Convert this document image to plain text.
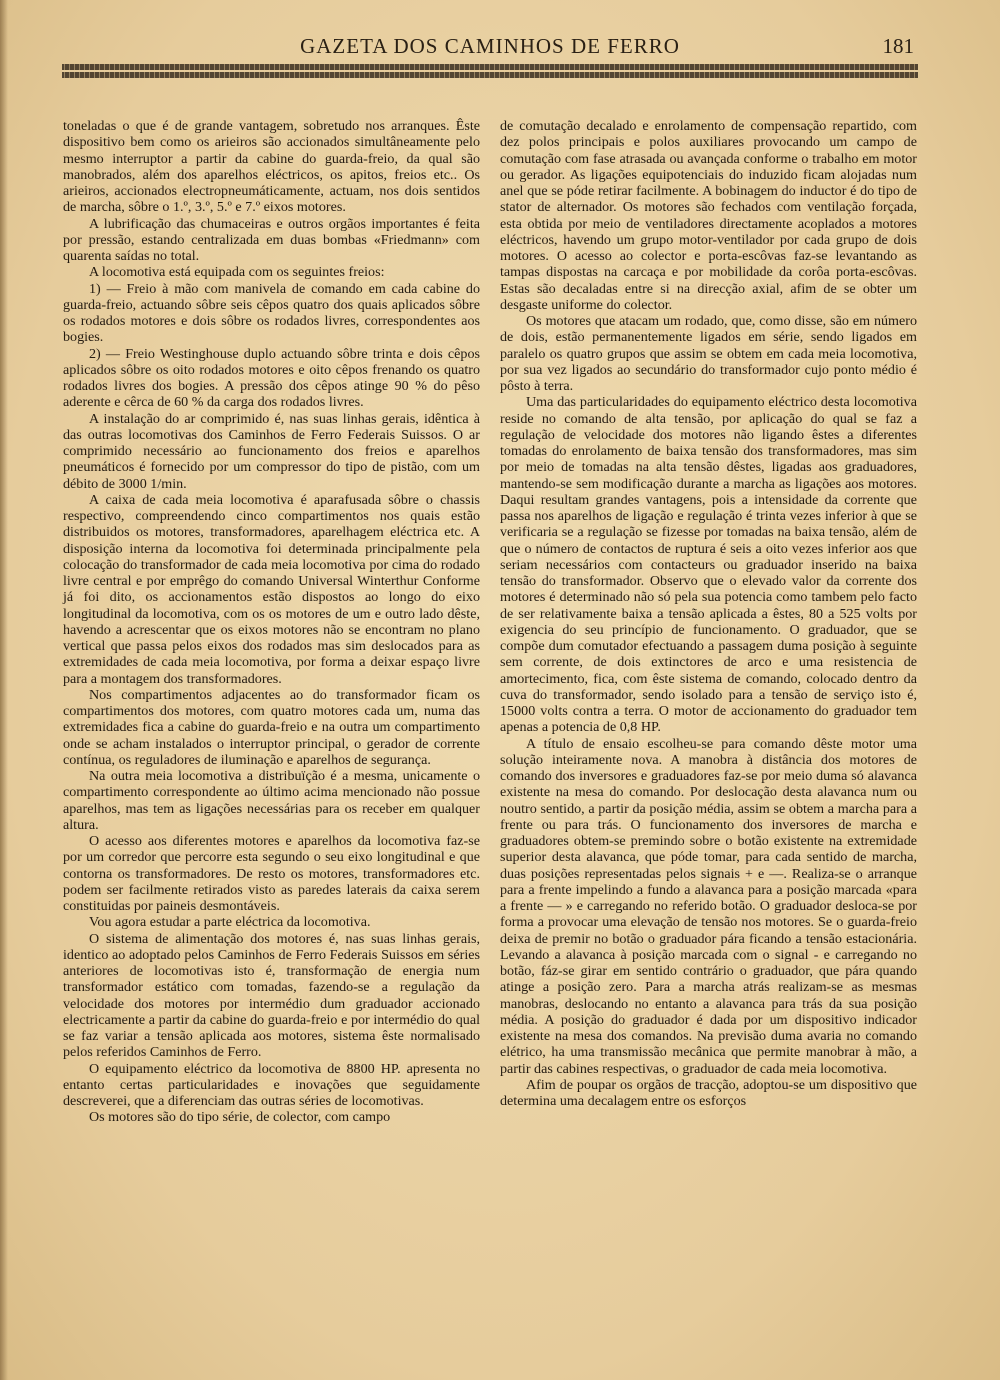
GAZETA DOS CAMINHOS DE FERRO	181

toneladas o que é de grande vantagem, sobretudo nos arranques. Êste dispositivo bem como os arieiros são accionados simultâneamente pelo mesmo interruptor a partir da cabine do guarda-freio, da qual são manobrados, além dos aparelhos eléctricos, os apitos, freios etc.. Os arieiros, accionados electropneumáticamente, actuam, nos dois sentidos de marcha, sôbre o 1.º, 3.º, 5.º e 7.º eixos motores.

A lubrificação das chumaceiras e outros orgãos importantes é feita por pressão, estando centralizada em duas bombas «Friedmann» com quarenta saídas no total.

A locomotiva está equipada com os seguintes freios:

1) — Freio à mão com manivela de comando em cada cabine do guarda-freio, actuando sôbre seis cêpos quatro dos quais aplicados sôbre os rodados motores e dois sôbre os rodados livres, correspondentes aos bogies.

2) — Freio Westinghouse duplo actuando sôbre trinta e dois cêpos aplicados sôbre os oito rodados motores e oito cêpos frenando os quatro rodados livres dos bogies. A pressão dos cêpos atinge 90 % do pêso aderente e cêrca de 60 % da carga dos rodados livres.

A instalação do ar comprimido é, nas suas linhas gerais, idêntica à das outras locomotivas dos Caminhos de Ferro Federais Suissos. O ar comprimido necessário ao funcionamento dos freios e aparelhos pneumáticos é fornecido por um compressor do tipo de pistão, com um débito de 3000 1/min.

A caixa de cada meia locomotiva é aparafusada sôbre o chassis respectivo, compreendendo cinco compartimentos nos quais estão distribuidos os motores, transformadores, aparelhagem eléctrica etc. A disposição interna da locomotiva foi determinada principalmente pela colocação do transformador de cada meia locomotiva por cima do rodado livre central e por emprêgo do comando Universal Winterthur Conforme já foi dito, os accionamentos estão dispostos ao longo do eixo longitudinal da locomotiva, com os os motores de um e outro lado dêste, havendo a acrescentar que os eixos motores não se encontram no plano vertical que passa pelos eixos dos rodados mas sim deslocados para as extremidades de cada meia locomotiva, por forma a deixar espaço livre para a montagem dos transformadores.

Nos compartimentos adjacentes ao do transformador ficam os compartimentos dos motores, com quatro motores cada um, numa das extremidades fica a cabine do guarda-freio e na outra um compartimento onde se acham instalados o interruptor principal, o gerador de corrente contínua, os reguladores de iluminação e aparelhos de segurança.

Na outra meia locomotiva a distribuïção é a mesma, unicamente o compartimento correspondente ao último acima mencionado não possue aparelhos, mas tem as ligações necessárias para os receber em qualquer altura.

O acesso aos diferentes motores e aparelhos da locomotiva faz-se por um corredor que percorre esta segundo o seu eixo longitudinal e que contorna os transformadores. De resto os motores, transformadores etc. podem ser facilmente retirados visto as paredes laterais da caixa serem constituidas por paineis desmontáveis.

Vou agora estudar a parte eléctrica da locomotiva.

O sistema de alimentação dos motores é, nas suas linhas gerais, identico ao adoptado pelos Caminhos de Ferro Federais Suissos em séries anteriores de locomotivas isto é, transformação de energia num transformador estático com tomadas, fazendo-se a regulação da velocidade dos motores por intermédio dum graduador accionado electricamente a partir da cabine do guarda-freio e por intermédio do qual se faz variar a tensão aplicada aos motores, sistema êste normalisado pelos referidos Caminhos de Ferro.

O equipamento eléctrico da locomotiva de 8800 HP. apresenta no entanto certas particularidades e inovações que seguidamente descreverei, que a diferenciam das outras séries de locomotivas.

Os motores são do tipo série, de colector, com campo

de comutação decalado e enrolamento de compensação repartido, com dez polos principais e polos auxiliares provocando um campo de comutação com fase atrasada ou avançada conforme o trabalho em motor ou gerador. As ligações equipotenciais do induzido ficam alojadas num anel que se póde retirar facilmente. A bobinagem do inductor é do tipo de stator de alternador. Os motores são fechados com ventilação forçada, esta obtida por meio de ventiladores directamente acoplados a motores eléctricos, havendo um grupo motor-ventilador por cada grupo de dois motores. O acesso ao colector e porta-escôvas faz-se levantando as tampas dispostas na carcaça e por mobilidade da corôa porta-escôvas. Estas são decaladas entre si na direcção axial, afim de se obter um desgaste uniforme do colector.

Os motores que atacam um rodado, que, como disse, são em número de dois, estão permanentemente ligados em série, sendo ligados em paralelo os quatro grupos que assim se obtem em cada meia locomotiva, por sua vez ligados ao secundário do transformador cujo ponto médio é pôsto à terra.

Uma das particularidades do equipamento eléctrico desta locomotiva reside no comando de alta tensão, por aplicação do qual se faz a regulação de velocidade dos motores não ligando êstes a diferentes tomadas do enrolamento de baixa tensão dos transformadores, mas sim por meio de tomadas na alta tensão dêstes, ligadas aos graduadores, mantendo-se sem modificação durante a marcha as ligações aos motores. Daqui resultam grandes vantagens, pois a intensidade da corrente que passa nos aparelhos de ligação e regulação é trinta vezes inferior à que se verificaria se a regulação se fizesse por tomadas na baixa tensão, além de que o número de contactos de ruptura é seis a oito vezes inferior aos que seriam necessários com contacteurs ou graduador inserido na baixa tensão do transformador. Observo que o elevado valor da corrente dos motores é determinado não só pela sua potencia como tambem pelo facto de ser relativamente baixa a tensão aplicada a êstes, 80 a 525 volts por exigencia do seu princípio de funcionamento. O graduador, que se compõe dum comutador efectuando a passagem duma posição à seguinte sem corrente, de dois extinctores de arco e uma resistencia de amortecimento, fica, com êste sistema de comando, colocado dentro da cuva do transformador, sendo isolado para a tensão de serviço isto é, 15000 volts contra a terra. O motor de accionamento do graduador tem apenas a potencia de 0,8 HP.

A título de ensaio escolheu-se para comando dêste motor uma solução inteiramente nova. A manobra à distância dos motores de comando dos inversores e graduadores faz-se por meio duma só alavanca existente na mesa do comando. Por deslocação desta alavanca num ou noutro sentido, a partir da posição média, assim se obtem a marcha para a frente ou para trás. O funcionamento dos inversores de marcha e graduadores obtem-se premindo sobre o botão existente na extremidade superior desta alavanca, que póde tomar, para cada sentido de marcha, duas posições representadas pelos signais + e —. Realiza-se o arranque para a frente impelindo a fundo a alavanca para a posição marcada «para a frente — » e carregando no referido botão. O graduador desloca-se por forma a provocar uma elevação de tensão nos motores. Se o guarda-freio deixa de premir no botão o graduador pára ficando a tensão estacionária. Levando a alavanca à posição marcada com o signal - e carregando no botão, fáz-se girar em sentido contrário o graduador, que pára quando atinge a posição zero. Para a marcha atrás realizam-se as mesmas manobras, deslocando no entanto a alavanca para trás da sua posição média. A posição do graduador é dada por um dispositivo indicador existente na mesa dos comandos. Na previsão duma avaria no comando elétrico, ha uma transmissão mecânica que permite manobrar à mão, a partir das cabines respectivas, o graduador de cada meia locomotiva.

Afim de poupar os orgãos de tracção, adoptou-se um dispositivo que determina uma decalagem entre os esforços
